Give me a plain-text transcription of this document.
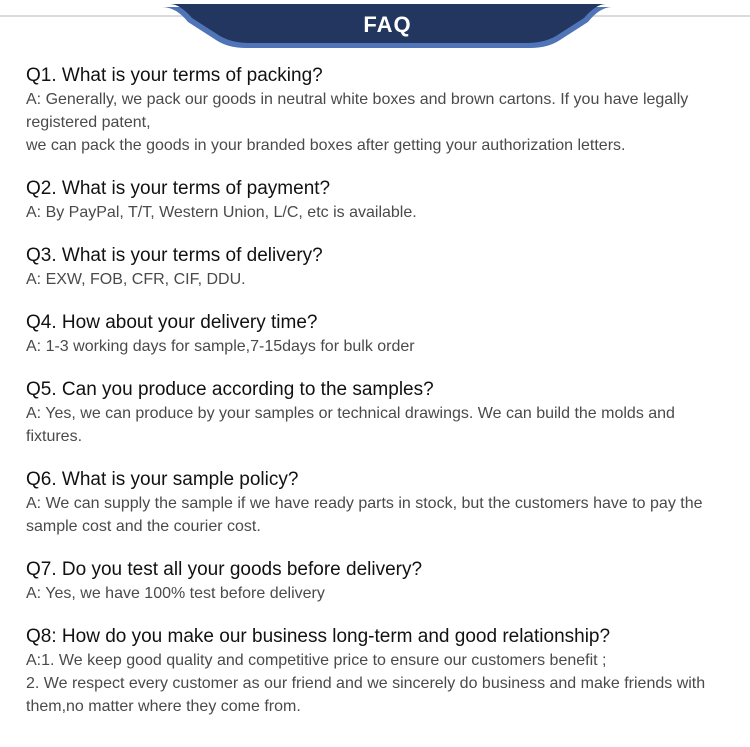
FAQ

Q1. What is your terms of packing?

A: Generally, we pack our goods in neutral white boxes and brown cartons. If you have legally registered patent,

we can pack the goods in your branded boxes after getting your authorization letters.

Q2. What is your terms of payment?

A: By PayPal, T/T, Western Union, L/C, etc is available.

Q3. What is your terms of delivery?

A: EXW, FOB, CFR, CIF, DDU.

Q4. How about your delivery time?

A: 1-3 working days for sample,7-15days for bulk order

Q5. Can you produce according to the samples?

A: Yes, we can produce by your samples or technical drawings. We can build the molds and fixtures.

Q6. What is your sample policy?

A: We can supply the sample if we have ready parts in stock, but the customers have to pay the sample cost and the courier cost.

Q7. Do you test all your goods before delivery?

A: Yes, we have 100% test before delivery

Q8: How do you make our business long-term and good relationship?

A:1. We keep good quality and competitive price to ensure our customers benefit ;

2. We respect every customer as our friend and we sincerely do business and make friends with them,no matter where they come from.
